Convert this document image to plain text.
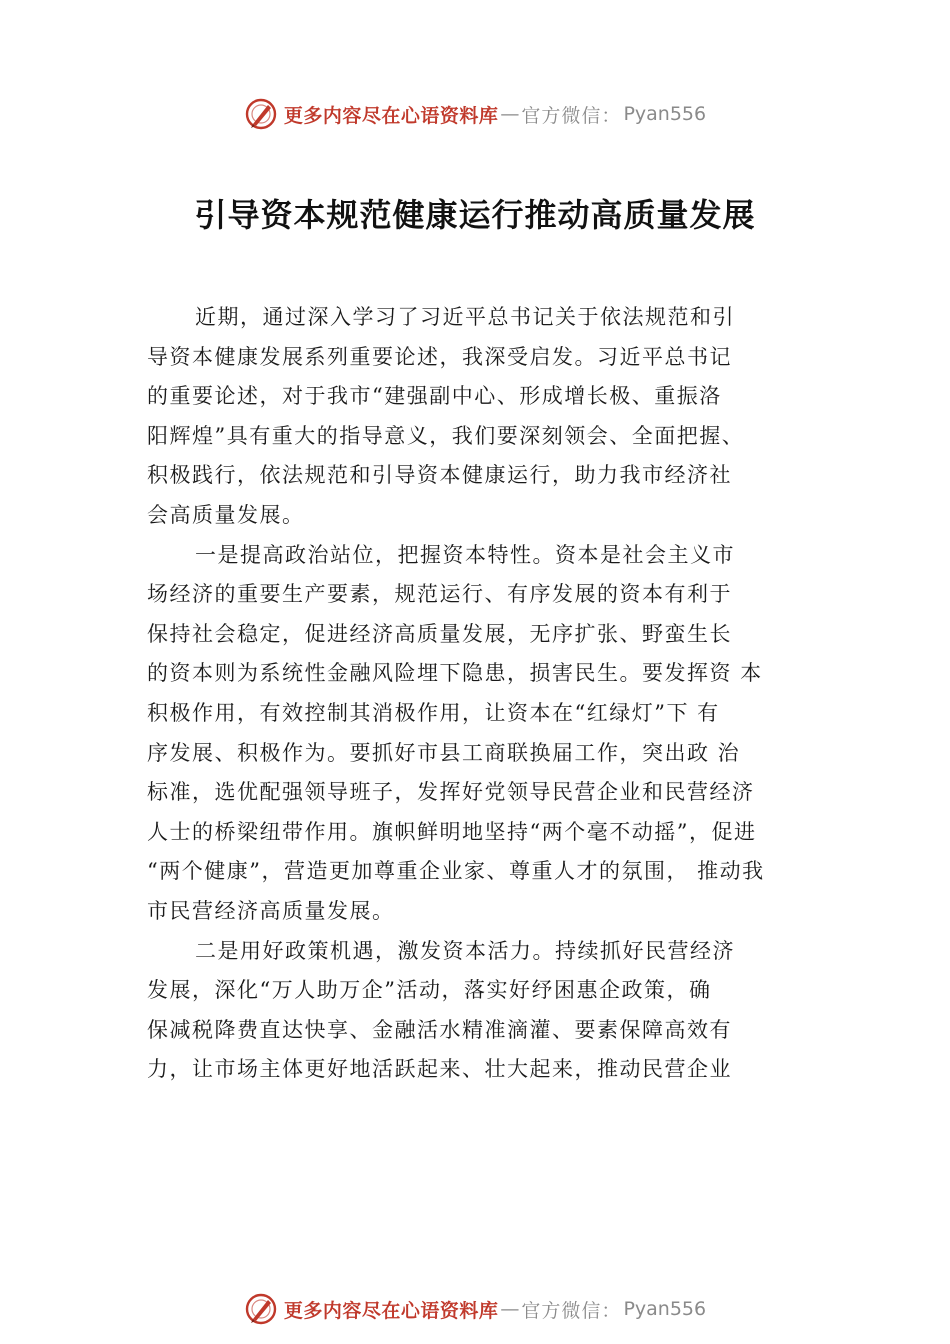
更多内容尽在心语资料库 — 官方微信： Pyan556
引导资本规范健康运行推动高质量发展

近期，通过深入学习了习近平总书记关于依法规范和引
导资本健康发展系列重要论述，我深受启发。习近平总书记
的重要论述，对于我市“建强副中心、形成增长极、重振洛
阳辉煌”具有重大的指导意义，我们要深刻领会、全面把握、
积极践行，依法规范和引导资本健康运行，助力我市经济社
会高质量发展。

一是提高政治站位，把握资本特性。资本是社会主义市
场经济的重要生产要素，规范运行、有序发展的资本有利于
保持社会稳定，促进经济高质量发展，无序扩张、野蛮生长
的资本则为系统性金融风险埋下隐患，损害民生。要发挥资 本
积极作用，有效控制其消极作用，让资本在“红绿灯”下 有
序发展、积极作为。要抓好市县工商联换届工作，突出政 治
标准，选优配强领导班子，发挥好党领导民营企业和民营经济
人士的桥梁纽带作用。旗帜鲜明地坚持“两个毫不动摇”，促进
“两个健康”，营造更加尊重企业家、尊重人才的氛围， 推动我
市民营经济高质量发展。

二是用好政策机遇，激发资本活力。持续抓好民营经济
发展，深化“万人助万企”活动，落实好纾困惠企政策，确
保减税降费直达快享、金融活水精准滴灌、要素保障高效有
力，让市场主体更好地活跃起来、壮大起来，推动民营企业

更多内容尽在心语资料库 — 官方微信： Pyan556
